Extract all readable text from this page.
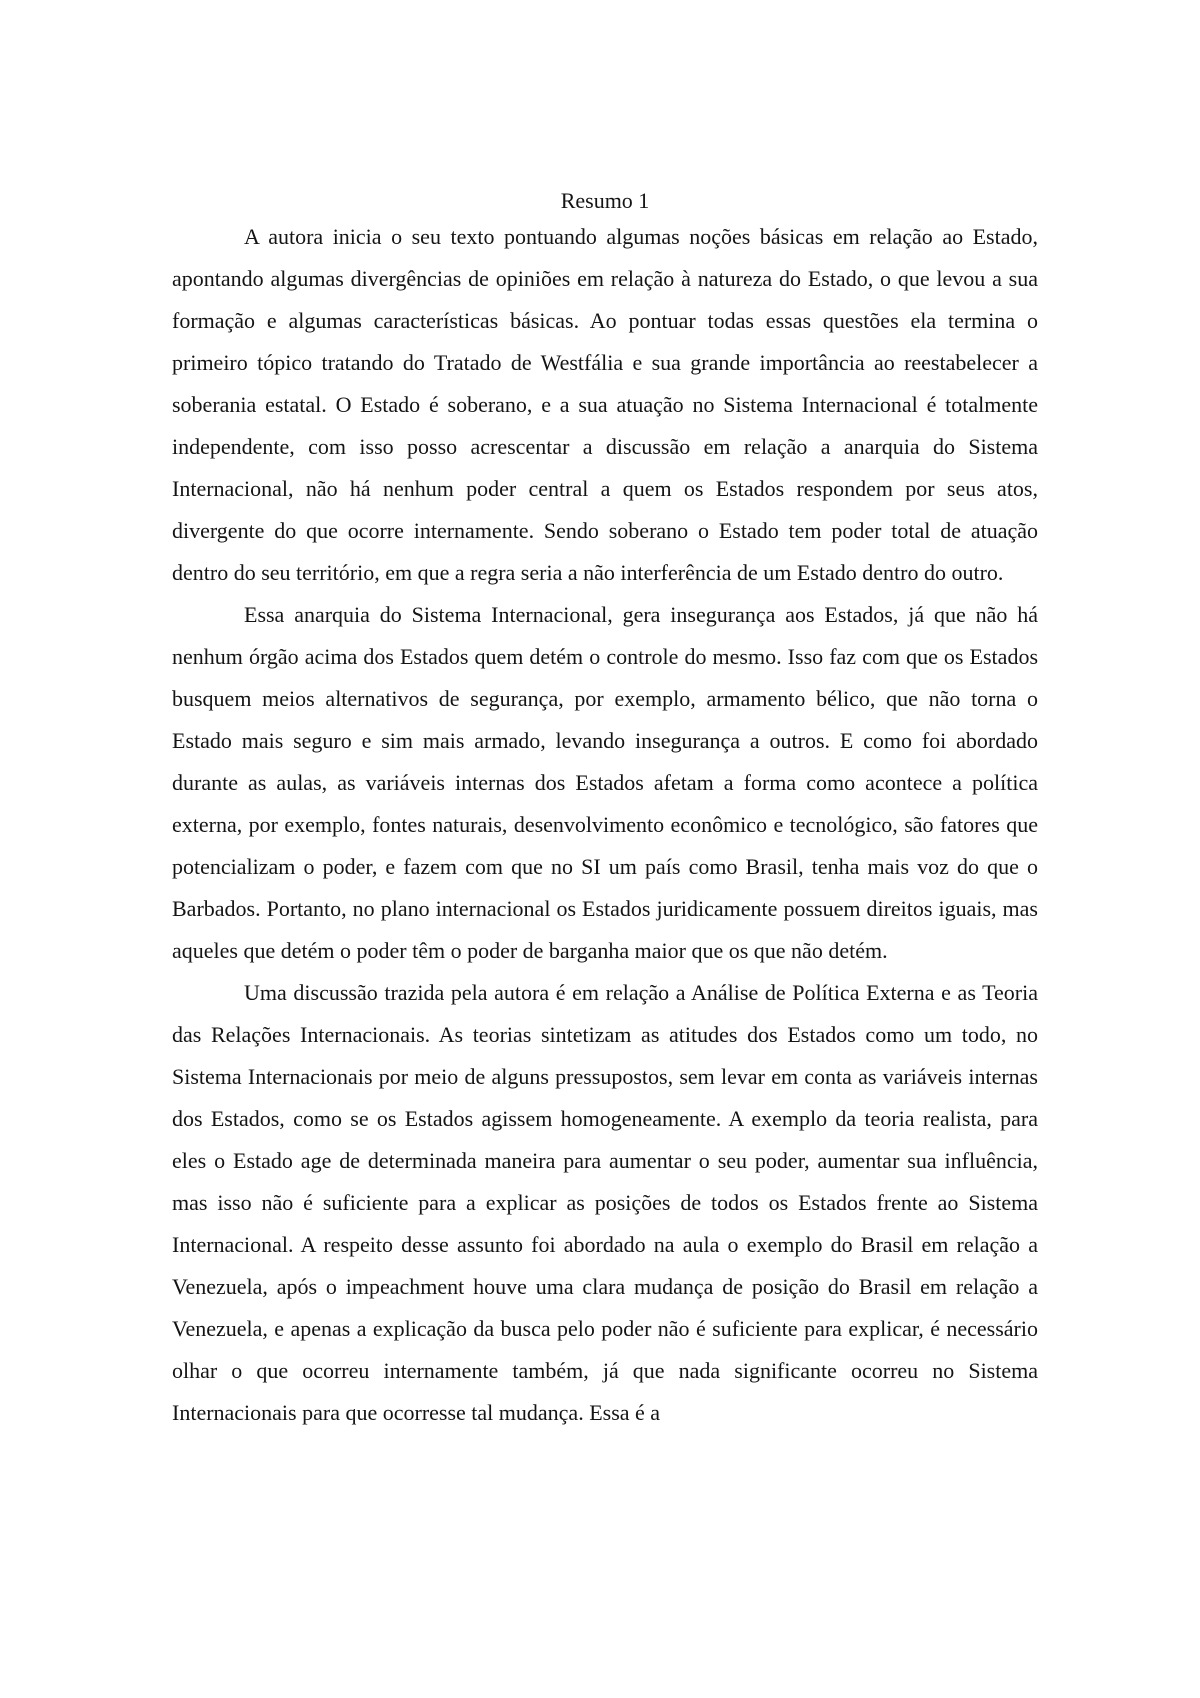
Resumo 1

A autora inicia o seu texto pontuando algumas noções básicas em relação ao Estado, apontando algumas divergências de opiniões em relação à natureza do Estado, o que levou a sua formação e algumas características básicas. Ao pontuar todas essas questões ela termina o primeiro tópico tratando do Tratado de Westfália e sua grande importância ao reestabelecer a soberania estatal. O Estado é soberano, e a sua atuação no Sistema Internacional é totalmente independente, com isso posso acrescentar a discussão em relação a anarquia do Sistema Internacional, não há nenhum poder central a quem os Estados respondem por seus atos, divergente do que ocorre internamente. Sendo soberano o Estado tem poder total de atuação dentro do seu território, em que a regra seria a não interferência de um Estado dentro do outro.

Essa anarquia do Sistema Internacional, gera insegurança aos Estados, já que não há nenhum órgão acima dos Estados quem detém o controle do mesmo. Isso faz com que os Estados busquem meios alternativos de segurança, por exemplo, armamento bélico, que não torna o Estado mais seguro e sim mais armado, levando insegurança a outros. E como foi abordado durante as aulas, as variáveis internas dos Estados afetam a forma como acontece a política externa, por exemplo, fontes naturais, desenvolvimento econômico e tecnológico, são fatores que potencializam o poder, e fazem com que no SI um país como Brasil, tenha mais voz do que o Barbados. Portanto, no plano internacional os Estados juridicamente possuem direitos iguais, mas aqueles que detém o poder têm o poder de barganha maior que os que não detém.

Uma discussão trazida pela autora é em relação a Análise de Política Externa e as Teoria das Relações Internacionais. As teorias sintetizam as atitudes dos Estados como um todo, no Sistema Internacionais por meio de alguns pressupostos, sem levar em conta as variáveis internas dos Estados, como se os Estados agissem homogeneamente. A exemplo da teoria realista, para eles o Estado age de determinada maneira para aumentar o seu poder, aumentar sua influência, mas isso não é suficiente para a explicar as posições de todos os Estados frente ao Sistema Internacional. A respeito desse assunto foi abordado na aula o exemplo do Brasil em relação a Venezuela, após o impeachment houve uma clara mudança de posição do Brasil em relação a Venezuela, e apenas a explicação da busca pelo poder não é suficiente para explicar, é necessário olhar o que ocorreu internamente também, já que nada significante ocorreu no Sistema Internacionais para que ocorresse tal mudança. Essa é a
